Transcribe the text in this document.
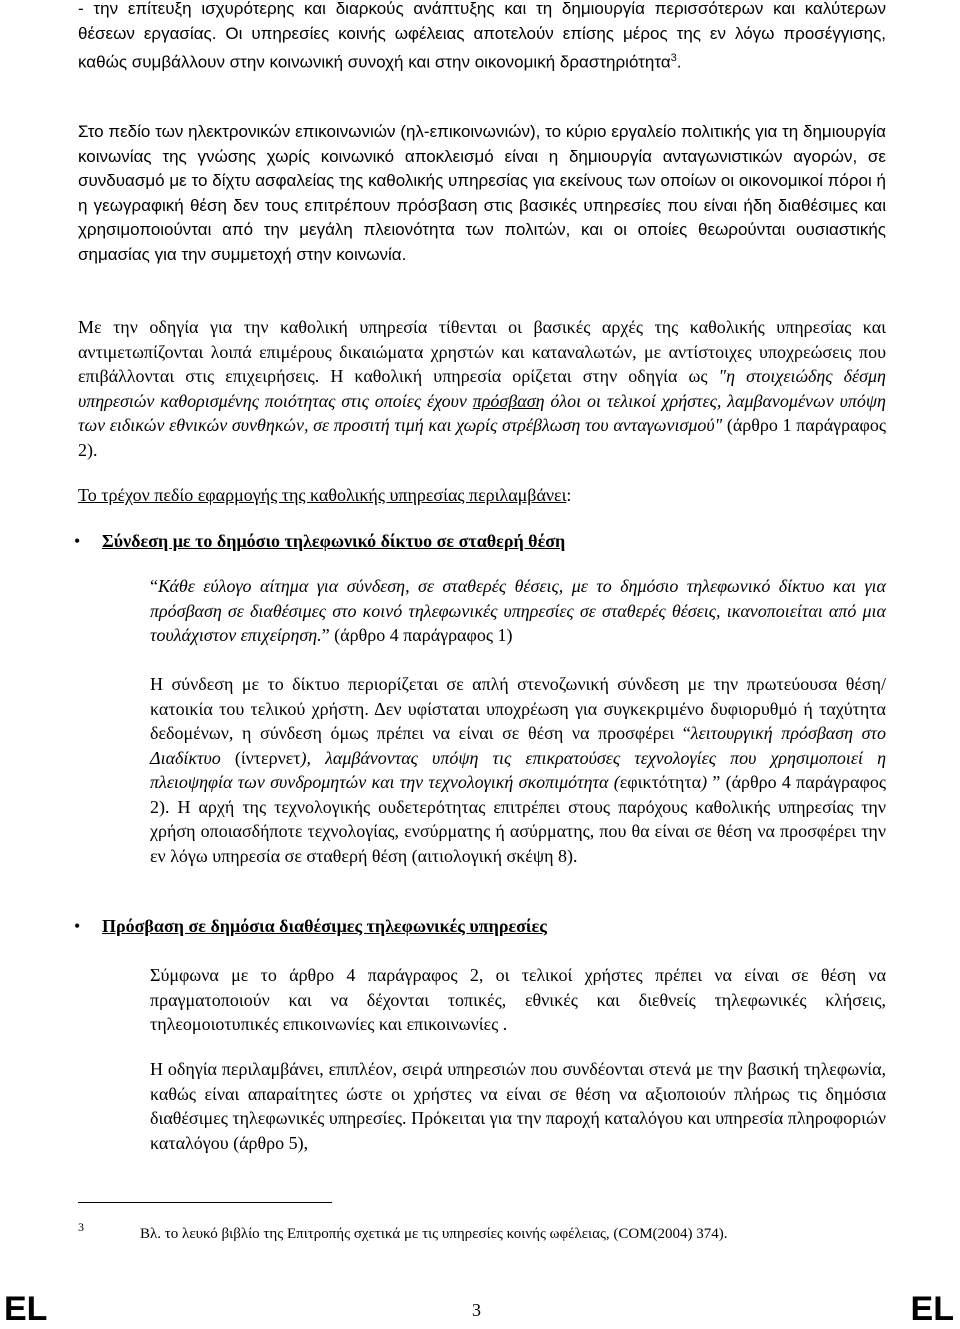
- την επίτευξη ισχυρότερης και διαρκούς ανάπτυξης και τη δημιουργία περισσότερων και καλύτερων θέσεων εργασίας. Οι υπηρεσίες κοινής ωφέλειας αποτελούν επίσης μέρος της εν λόγω προσέγγισης, καθώς συμβάλλουν στην κοινωνική συνοχή και στην οικονομική δραστηριότητα$^3$.

Στο πεδίο των ηλεκτρονικών επικοινωνιών (ηλ-επικοινωνιών), το κύριο εργαλείο πολιτικής για τη δημιουργία κοινωνίας της γνώσης χωρίς κοινωνικό αποκλεισμό είναι η δημιουργία ανταγωνιστικών αγορών, σε συνδυασμό με το δίχτυ ασφαλείας της καθολικής υπηρεσίας για εκείνους των οποίων οι οικονομικοί πόροι ή η γεωγραφική θέση δεν τους επιτρέπουν πρόσβαση στις βασικές υπηρεσίες που είναι ήδη διαθέσιμες και χρησιμοποιούνται από την μεγάλη πλειονότητα των πολιτών, και οι οποίες θεωρούνται ουσιαστικής σημασίας για την συμμετοχή στην κοινωνία.

Με την οδηγία για την καθολική υπηρεσία τίθενται οι βασικές αρχές της καθολικής υπηρεσίας και αντιμετωπίζονται λοιπά επιμέρους δικαιώματα χρηστών και καταναλωτών, με αντίστοιχες υποχρεώσεις που επιβάλλονται στις επιχειρήσεις. Η καθολική υπηρεσία ορίζεται στην οδηγία ως "η στοιχειώδης δέσμη υπηρεσιών καθορισμένης ποιότητας στις οποίες έχουν πρόσβαση όλοι οι τελικοί χρήστες, λαμβανομένων υπόψη των ειδικών εθνικών συνθηκών, σε προσιτή τιμή και χωρίς στρέβλωση του ανταγωνισμού" (άρθρο 1 παράγραφος 2).

Το τρέχον πεδίο εφαρμογής της καθολικής υπηρεσίας περιλαμβάνει:

• Σύνδεση με το δημόσιο τηλεφωνικό δίκτυο σε σταθερή θέση

“Κάθε εύλογο αίτημα για σύνδεση, σε σταθερές θέσεις, με το δημόσιο τηλεφωνικό δίκτυο και για πρόσβαση σε διαθέσιμες στο κοινό τηλεφωνικές υπηρεσίες σε σταθερές θέσεις, ικανοποιείται από μια τουλάχιστον επιχείρηση.” (άρθρο 4 παράγραφος 1)

Η σύνδεση με το δίκτυο περιορίζεται σε απλή στενοζωνική σύνδεση με την πρωτεύουσα θέση/κατοικία του τελικού χρήστη. Δεν υφίσταται υποχρέωση για συγκεκριμένο δυφιορυθμό ή ταχύτητα δεδομένων, η σύνδεση όμως πρέπει να είναι σε θέση να προσφέρει “λειτουργική πρόσβαση στο Διαδίκτυο (ίντερνετ), λαμβάνοντας υπόψη τις επικρατούσες τεχνολογίες που χρησιμοποιεί η πλειοψηφία των συνδρομητών και την τεχνολογική σκοπιμότητα (εφικτότητα) ” (άρθρο 4 παράγραφος 2). Η αρχή της τεχνολογικής ουδετερότητας επιτρέπει στους παρόχους καθολικής υπηρεσίας την χρήση οποιασδήποτε τεχνολογίας, ενσύρματης ή ασύρματης, που θα είναι σε θέση να προσφέρει την εν λόγω υπηρεσία σε σταθερή θέση (αιτιολογική σκέψη 8).

• Πρόσβαση σε δημόσια διαθέσιμες τηλεφωνικές υπηρεσίες

Σύμφωνα με το άρθρο 4 παράγραφος 2, οι τελικοί χρήστες πρέπει να είναι σε θέση να πραγματοποιούν και να δέχονται τοπικές, εθνικές και διεθνείς τηλεφωνικές κλήσεις, τηλεομοιοτυπικές επικοινωνίες και επικοινωνίες .

Η οδηγία περιλαμβάνει, επιπλέον, σειρά υπηρεσιών που συνδέονται στενά με την βασική τηλεφωνία, καθώς είναι απαραίτητες ώστε οι χρήστες να είναι σε θέση να αξιοποιούν πλήρως τις δημόσια διαθέσιμες τηλεφωνικές υπηρεσίες. Πρόκειται για την παροχή καταλόγου και υπηρεσία πληροφοριών καταλόγου (άρθρο 5),

3	Βλ. το λευκό βιβλίο της Επιτροπής σχετικά με τις υπηρεσίες κοινής ωφέλειας, (COM(2004) 374).
EL	3	EL
